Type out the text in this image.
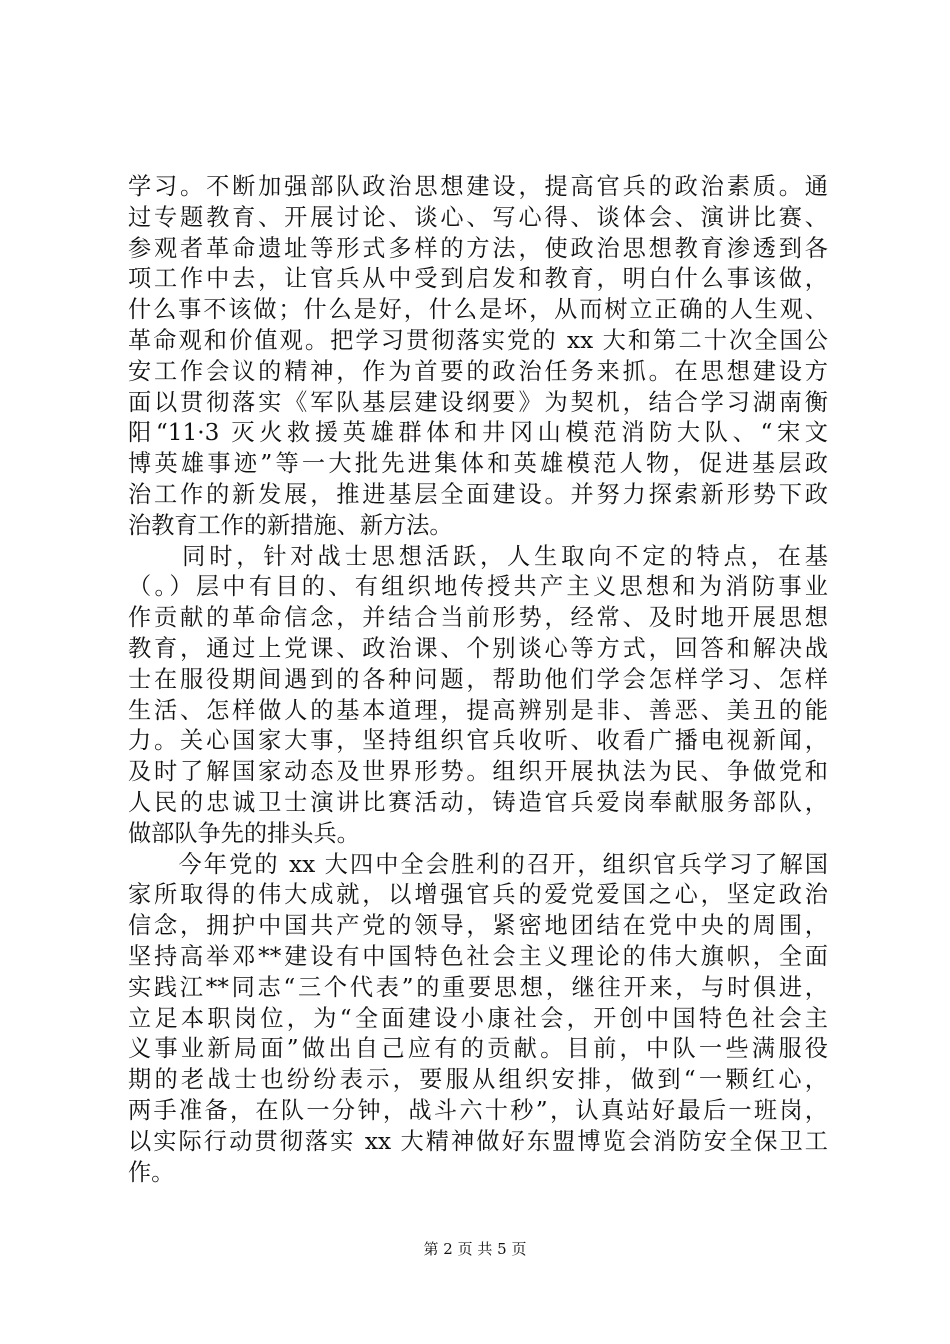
学习。不断加强部队政治思想建设，提高官兵的政治素质。通
过专题教育、开展讨论、谈心、写心得、谈体会、演讲比赛、
参观者革命遗址等形式多样的方法，使政治思想教育渗透到各
项工作中去，让官兵从中受到启发和教育，明白什么事该做，
什么事不该做；什么是好，什么是坏，从而树立正确的人生观、
革命观和价值观。把学习贯彻落实党的 xx 大和第二十次全国公
安工作会议的精神，作为首要的政治任务来抓。在思想建设方
面以贯彻落实《军队基层建设纲要》为契机，结合学习湖南衡
阳“11·3 灭火救援英雄群体和井冈山模范消防大队、“宋文
博英雄事迹”等一大批先进集体和英雄模范人物，促进基层政
治工作的新发展，推进基层全面建设。并努力探索新形势下政
治教育工作的新措施、新方法。
　　同时，针对战士思想活跃，人生取向不定的特点，在基
（。）层中有目的、有组织地传授共产主义思想和为消防事业
作贡献的革命信念，并结合当前形势，经常、及时地开展思想
教育，通过上党课、政治课、个别谈心等方式，回答和解决战
士在服役期间遇到的各种问题，帮助他们学会怎样学习、怎样
生活、怎样做人的基本道理，提高辨别是非、善恶、美丑的能
力。关心国家大事，坚持组织官兵收听、收看广播电视新闻，
及时了解国家动态及世界形势。组织开展执法为民、争做党和
人民的忠诚卫士演讲比赛活动，铸造官兵爱岗奉献服务部队，
做部队争先的排头兵。
　　今年党的 xx 大四中全会胜利的召开，组织官兵学习了解国
家所取得的伟大成就，以增强官兵的爱党爱国之心，坚定政治
信念，拥护中国共产党的领导，紧密地团结在党中央的周围，
坚持高举邓**建设有中国特色社会主义理论的伟大旗帜，全面
实践江**同志“三个代表”的重要思想，继往开来，与时俱进，
立足本职岗位，为“全面建设小康社会，开创中国特色社会主
义事业新局面”做出自己应有的贡献。目前，中队一些满服役
期的老战士也纷纷表示，要服从组织安排，做到“一颗红心，
两手准备，在队一分钟，战斗六十秒”，认真站好最后一班岗，
以实际行动贯彻落实 xx 大精神做好东盟博览会消防安全保卫工
作。
第 2 页 共 5 页
